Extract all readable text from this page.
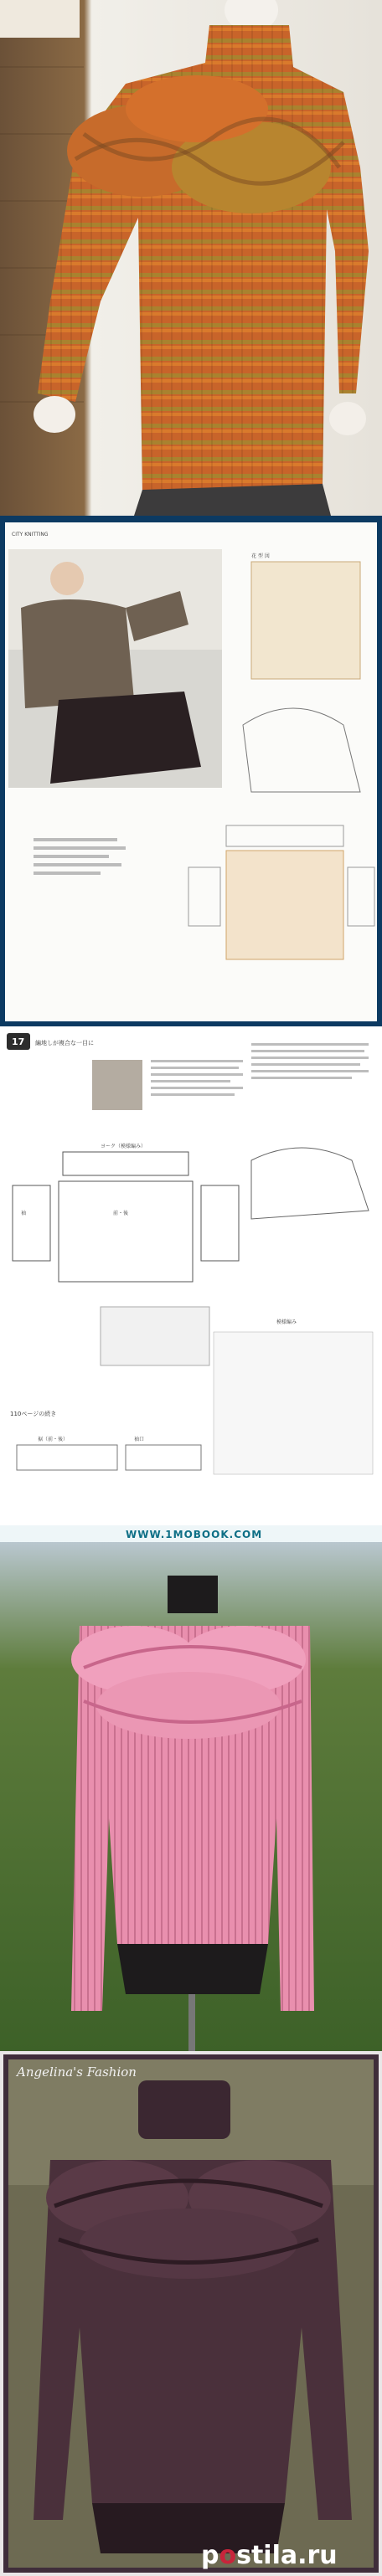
CITY KNITTING
花 型 図
17 編地しが複合な一目に
ヨーク（模様編み）
前・後
袖
模様編み
110ページの続き
裾（前・後）	袖口
WWW.1MOBOOK.COM
Angelina's Fashion
postila.ru
